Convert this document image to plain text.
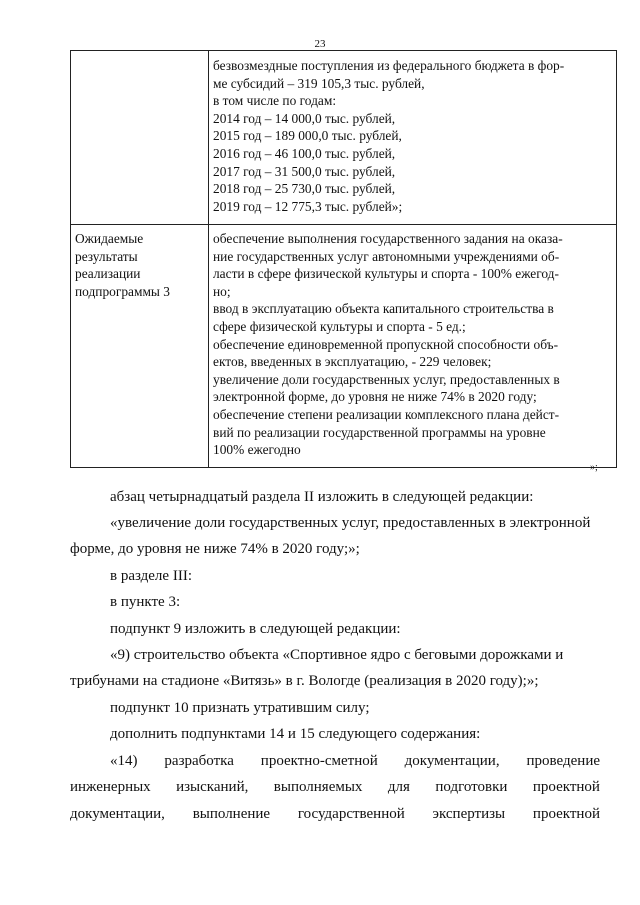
23
безвозмездные поступления из федерального бюджета в фор-
ме субсидий – 319 105,3 тыс. рублей,
в том числе по годам:
2014 год – 14 000,0 тыс. рублей,
2015 год – 189 000,0 тыс. рублей,
2016 год – 46 100,0 тыс. рублей,
2017 год – 31 500,0 тыс. рублей,
2018 год – 25 730,0 тыс. рублей,
2019 год – 12 775,3 тыс. рублей»;
Ожидаемые
результаты
реализации
подпрограммы 3
обеспечение выполнения государственного задания на оказа-
ние государственных услуг автономными учреждениями об-
ласти в сфере физической культуры и спорта - 100% ежегод-
но;
ввод в эксплуатацию объекта капитального строительства в
сфере физической культуры и спорта - 5 ед.;
обеспечение единовременной пропускной способности объ-
ектов, введенных в эксплуатацию, - 229 человек;
увеличение доли государственных услуг, предоставленных в
электронной форме, до уровня не ниже 74% в 2020 году;
обеспечение степени реализации комплексного плана дейст-
вий по реализации государственной программы на уровне
100% ежегодно
»;
абзац четырнадцатый раздела II изложить в следующей редакции:
«увеличение доли государственных услуг, предоставленных в электронной
форме, до уровня не ниже 74% в 2020 году;»;
в разделе III:
в пункте 3:
подпункт 9 изложить в следующей редакции:
«9) строительство объекта «Спортивное ядро с беговыми дорожками и
трибунами на стадионе «Витязь» в г. Вологде (реализация в 2020 году);»;
подпункт 10 признать утратившим силу;
дополнить подпунктами 14 и 15 следующего содержания:
«14) разработка проектно-сметной документации, проведение
инженерных изысканий, выполняемых для подготовки проектной
документации, выполнение государственной экспертизы проектной
